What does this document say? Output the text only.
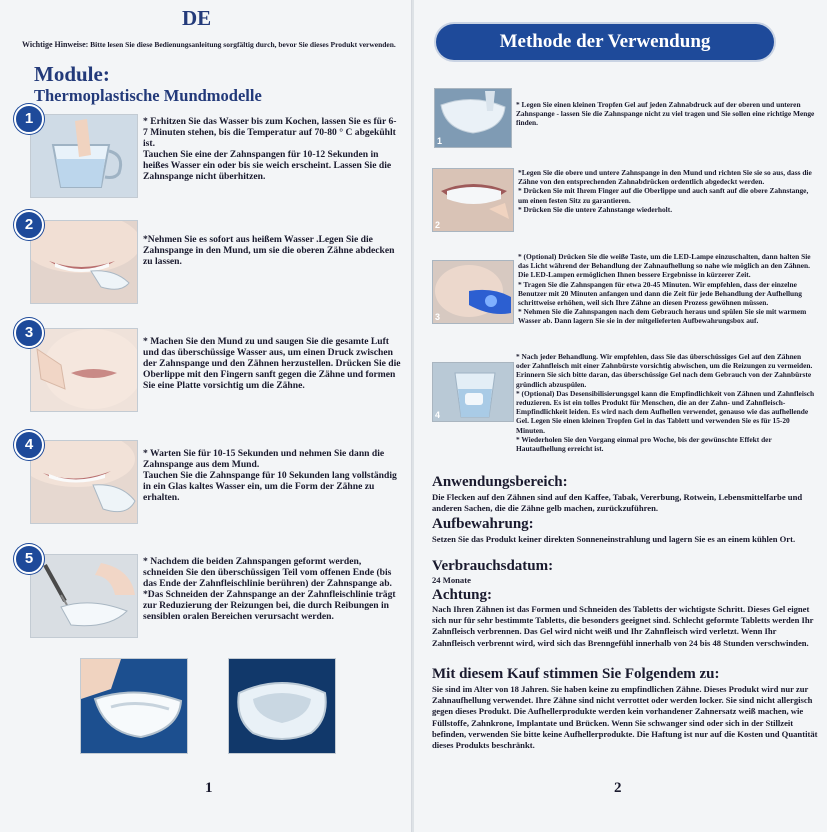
DE
Wichtige Hinweise: Bitte lesen Sie diese Bedienungsanleitung sorgfältig durch, bevor Sie dieses Produkt verwenden.
Module:
Thermoplastische Mundmodelle
1	* Erhitzen Sie das Wasser bis zum Kochen, lassen Sie es für 6-7 Minuten stehen, bis die Temperatur auf 70-80 ° C abgekühlt ist.

Tauchen Sie eine der Zahnspangen für 10-12 Sekunden in heißes Wasser ein oder bis sie weich erscheint. Lassen Sie die Zahnspange nicht überhitzen.

2

*Nehmen Sie es sofort aus heißem Wasser .Legen Sie die Zahnspange in den Mund, um sie die oberen Zähne abdecken zu lassen.

3

* Machen Sie den Mund zu und saugen Sie die gesamte Luft und das überschüssige Wasser aus, um einen Druck zwischen der Zahnspange und den Zähnen herzustellen. Drücken Sie die Oberlippe mit den Fingern sanft gegen die Zähne und formen Sie eine Platte vorsichtig um die Zähne.

4

* Warten Sie für 10-15 Sekunden und nehmen Sie dann die Zahnspange aus dem Mund.

Tauchen Sie die Zahnspange für 10 Sekunden lang vollständig in ein Glas kaltes Wasser ein, um die Form der Zähne zu erhalten.

5	* Nachdem die beiden Zahnspangen geformt werden, schneiden Sie den überschüssigen Teil vom offenen Ende (bis das Ende der Zahnfleischlinie berühren) der Zahnspange ab.

*Das Schneiden der Zahnspange an der Zahnfleischlinie trägt zur Reduzierung der Reizungen bei, die durch Reibungen in sensiblen oralen Bereichen verursacht werden.

1
Methode der Verwendung
1

* Legen Sie einen kleinen Tropfen Gel auf jeden Zahnabdruck auf der oberen und unteren Zahnspange - lassen Sie die Zahnspange nicht zu viel tragen und Sie sollen eine richtige Menge finden.

2

*Legen Sie die obere und untere Zahnspange in den Mund und richten Sie sie so aus, dass die Zähne von den entsprechenden Zahnabdrücken ordentlich abgedeckt werden.

* Drücken Sie mit Ihrem Finger auf die Oberlippe und auch sanft auf die obere Zahnstange, um einen festen Sitz zu garantieren.

* Drücken Sie die untere Zahnstange wiederholt.

3

* (Optional) Drücken Sie die weiße Taste, um die LED-Lampe einzuschalten, dann halten Sie das Licht während der Behandlung der Zahnaufhellung so nahe wie möglich an den Zähnen. Die LED-Lampen ermöglichen Ihnen bessere Ergebnisse in kürzerer Zeit.

* Tragen Sie die Zahnspangen für etwa 20-45 Minuten. Wir empfehlen, dass der einzelne Benutzer mit 20 Minuten anfangen und dann die Zeit für jede Behandlung der Aufhellung schrittweise erhöhen, weil sich Ihre Zähne an diesen Prozess gewöhnen müssen.

* Nehmen Sie die Zahnspangen nach dem Gebrauch heraus und spülen Sie sie mit warmem Wasser ab. Dann lagern Sie sie in der mitgelieferten Aufbewahrungsbox auf.

4

* Nach jeder Behandlung. Wir empfehlen, dass Sie das überschüssiges Gel auf den Zähnen oder Zahnfleisch mit einer Zahnbürste vorsichtig abwischen, um die Reizungen zu vermeiden. Erinnern Sie sich bitte daran, das überschüssige Gel nach dem Gebrauch von der Zahnbürste gründlich abzuspülen.

* (Optional) Das Desensibilisierungsgel kann die Empfindlichkeit von Zähnen und Zahnfleisch reduzieren. Es ist ein tolles Produkt für Menschen, die an der Zahn- und Zahnfleisch-Empfindlichkeit leiden. Es wird nach dem Aufhellen verwendet, genauso wie das aufhellende Gel. Legen Sie einen kleinen Tropfen Gel in das Tablett und verwenden Sie es für 15-20 Minuten.

* Wiederholen Sie den Vorgang einmal pro Woche, bis der gewünschte Effekt der Hautaufhellung erreicht ist.

Anwendungsbereich:

Die Flecken auf den Zähnen sind auf den Kaffee, Tabak, Vererbung, Rotwein, Lebensmittelfarbe und anderen Sachen, die die Zähne gelb machen, zurückzuführen.

Aufbewahrung:

Setzen Sie das Produkt keiner direkten Sonneneinstrahlung und lagern Sie es an einem kühlen Ort.

Verbrauchsdatum:

24 Monate

Achtung:

Nach Ihren Zähnen ist das Formen und Schneiden des Tabletts der wichtigste Schritt. Dieses Gel eignet sich nur für sehr bestimmte Tabletts, die besonders geeignet sind. Schlecht geformte Tabletts werden Ihr Zahnfleisch verbrennen. Das Gel wird nicht weiß und Ihr Zahnfleisch wird verletzt. Wenn Ihr Zahnfleisch verbrennt wird, wird sich das Brenngefühl innerhalb von 24 bis 48 Stunden verschwinden.

Mit diesem Kauf stimmen Sie Folgendem zu:

Sie sind im Alter von 18 Jahren. Sie haben keine zu empfindlichen Zähne. Dieses Produkt wird nur zur Zahnaufhellung verwendet. Ihre Zähne sind nicht verrottet oder werden locker. Sie sind nicht allergisch gegen dieses Produkt. Die Aufhellerprodukte werden kein vorhandener Zahnersatz weiß machen, wie Füllstoffe, Zahnkrone, Implantate und Brücken. Wenn Sie schwanger sind oder sich in der Stillzeit befinden, verwenden Sie bitte keine Aufhellerprodukte. Die Haftung ist nur auf die Kosten und Quantität dieses Produkts beschränkt.

2
